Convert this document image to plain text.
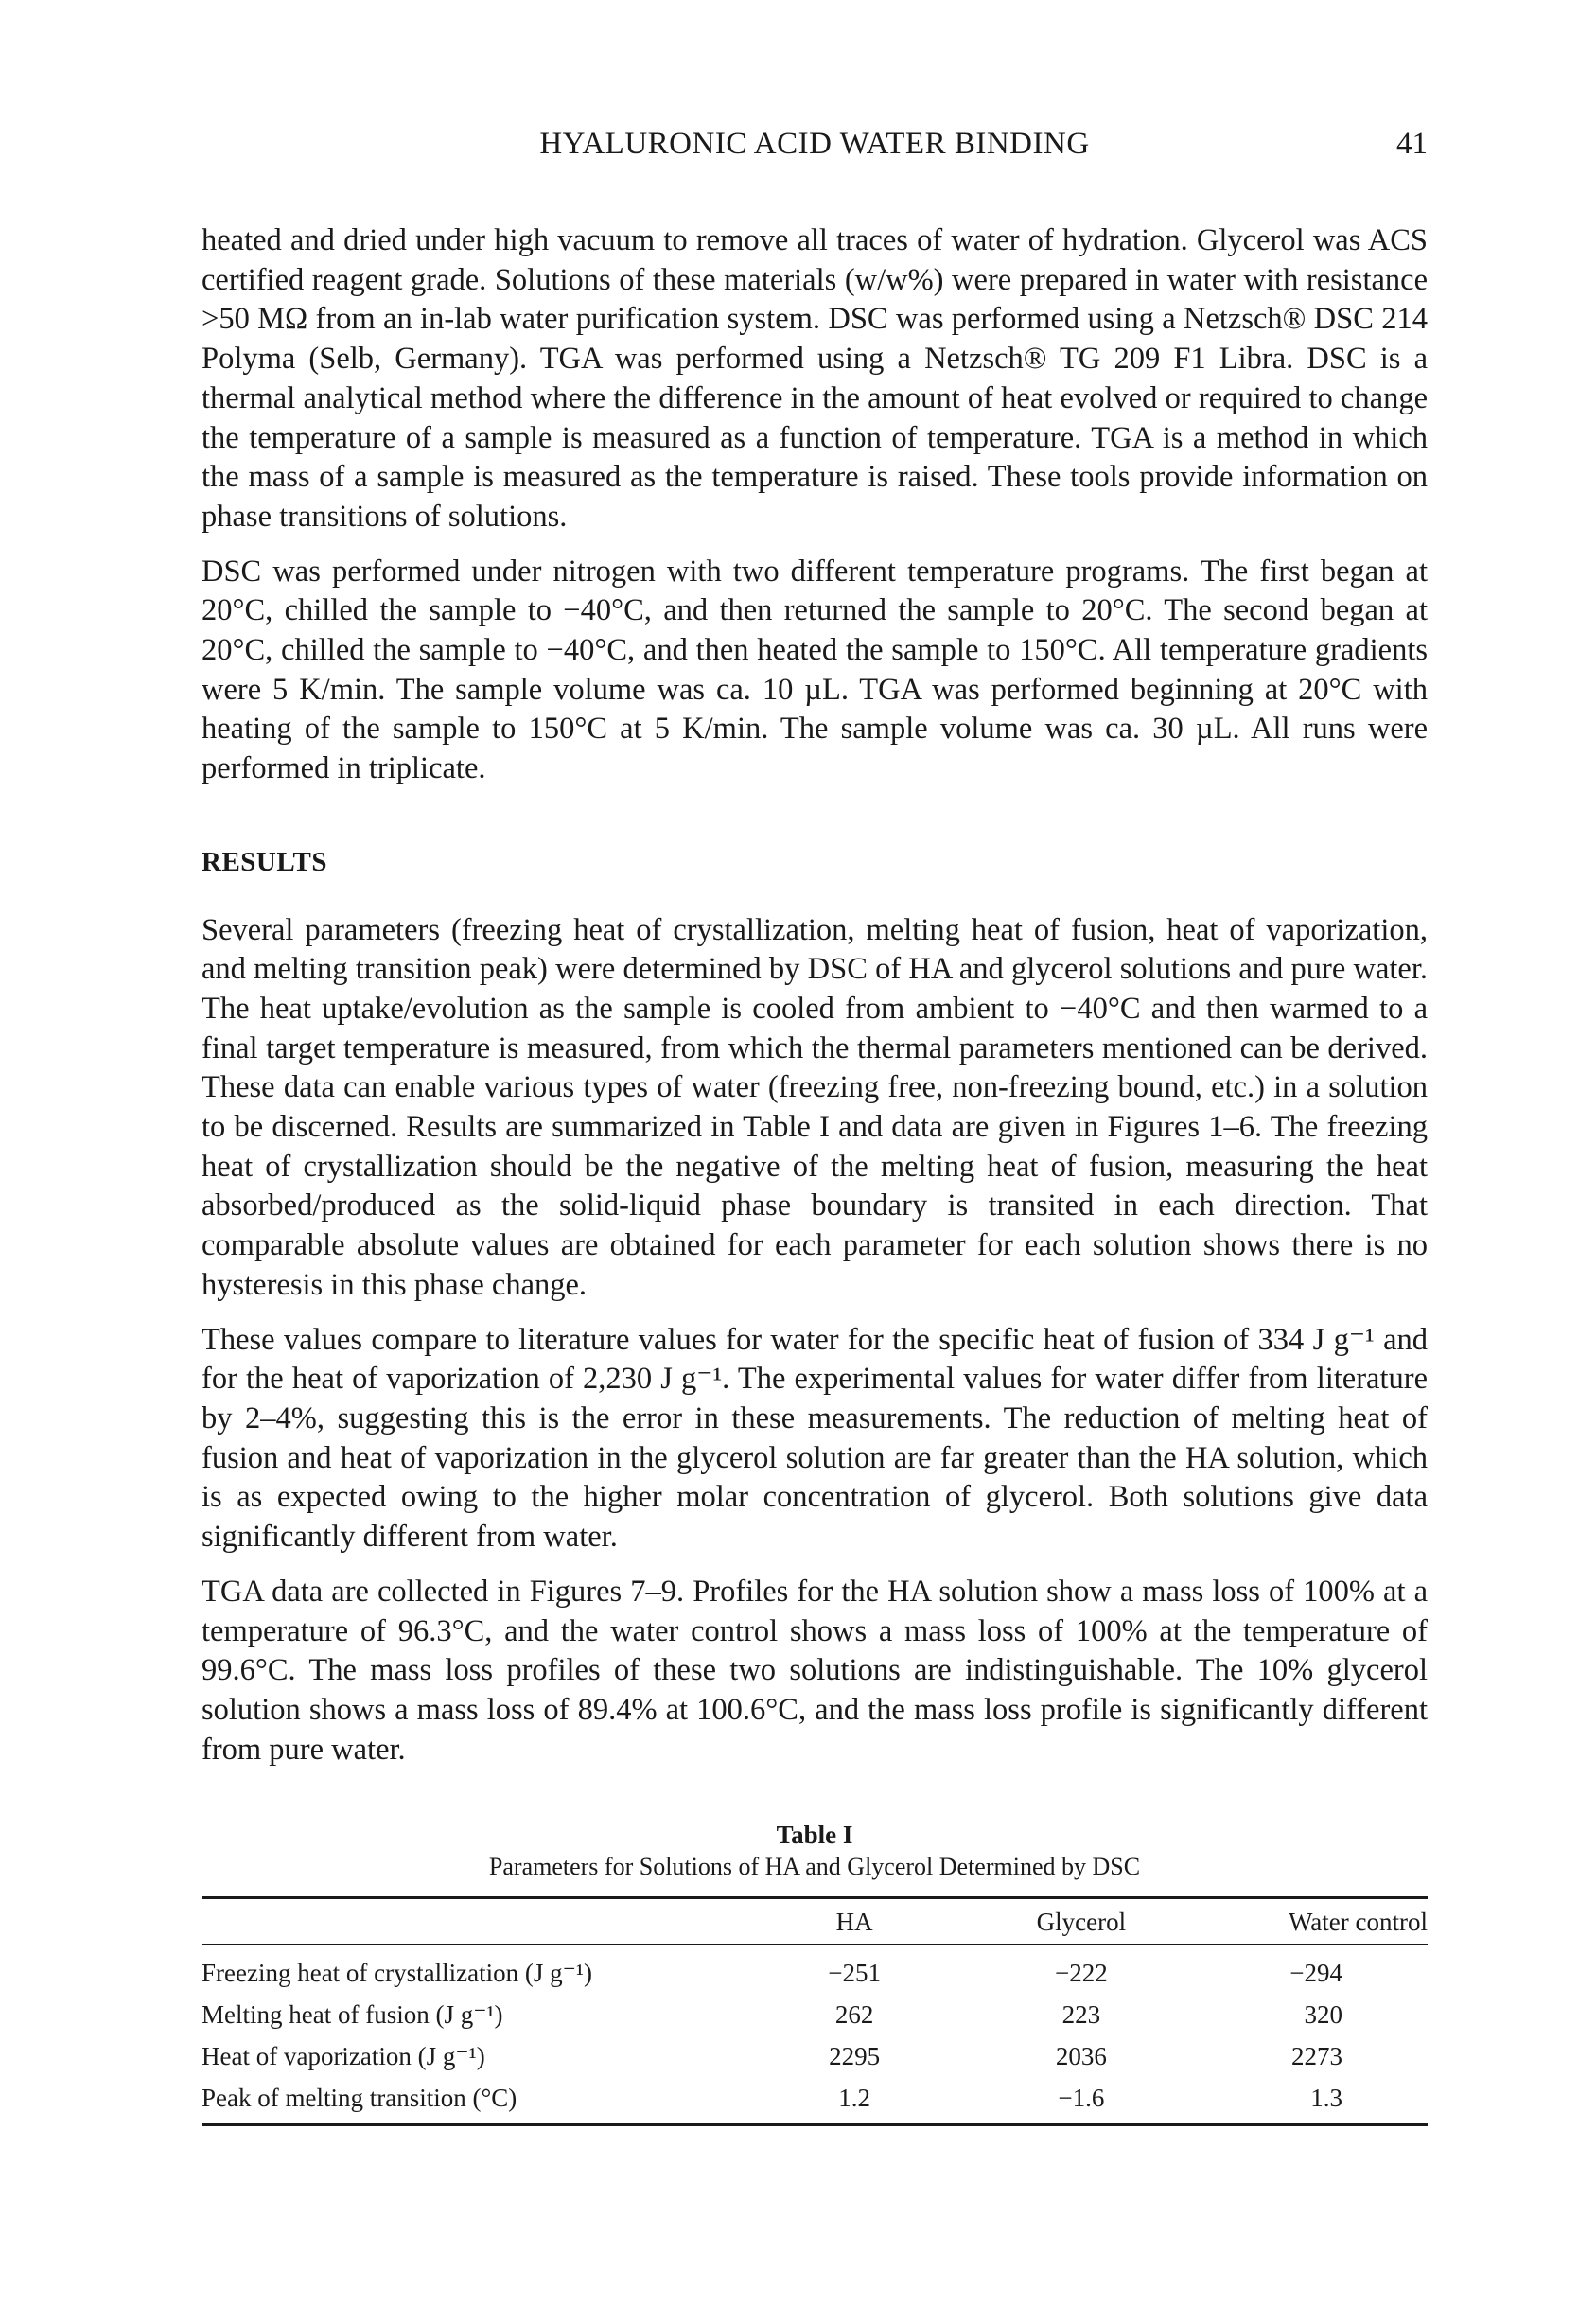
HYALURONIC ACID WATER BINDING	41

heated and dried under high vacuum to remove all traces of water of hydration. Glycerol was ACS certified reagent grade. Solutions of these materials (w/w%) were prepared in water with resistance >50 MΩ from an in-lab water purification system. DSC was performed using a Netzsch® DSC 214 Polyma (Selb, Germany). TGA was performed using a Netzsch® TG 209 F1 Libra. DSC is a thermal analytical method where the difference in the amount of heat evolved or required to change the temperature of a sample is measured as a function of temperature. TGA is a method in which the mass of a sample is measured as the temperature is raised. These tools provide information on phase transitions of solutions.

DSC was performed under nitrogen with two different temperature programs. The first began at 20°C, chilled the sample to −40°C, and then returned the sample to 20°C. The second began at 20°C, chilled the sample to −40°C, and then heated the sample to 150°C. All temperature gradients were 5 K/min. The sample volume was ca. 10 µL. TGA was performed beginning at 20°C with heating of the sample to 150°C at 5 K/min. The sample volume was ca. 30 µL. All runs were performed in triplicate.

RESULTS

Several parameters (freezing heat of crystallization, melting heat of fusion, heat of vaporization, and melting transition peak) were determined by DSC of HA and glycerol solutions and pure water. The heat uptake/evolution as the sample is cooled from ambient to −40°C and then warmed to a final target temperature is measured, from which the thermal parameters mentioned can be derived. These data can enable various types of water (freezing free, non-freezing bound, etc.) in a solution to be discerned. Results are summarized in Table I and data are given in Figures 1–6. The freezing heat of crystallization should be the negative of the melting heat of fusion, measuring the heat absorbed/produced as the solid-liquid phase boundary is transited in each direction. That comparable absolute values are obtained for each parameter for each solution shows there is no hysteresis in this phase change.

These values compare to literature values for water for the specific heat of fusion of 334 J g⁻¹ and for the heat of vaporization of 2,230 J g⁻¹. The experimental values for water differ from literature by 2–4%, suggesting this is the error in these measurements. The reduction of melting heat of fusion and heat of vaporization in the glycerol solution are far greater than the HA solution, which is as expected owing to the higher molar concentration of glycerol. Both solutions give data significantly different from water.

TGA data are collected in Figures 7–9. Profiles for the HA solution show a mass loss of 100% at a temperature of 96.3°C, and the water control shows a mass loss of 100% at the temperature of 99.6°C. The mass loss profiles of these two solutions are indistinguishable. The 10% glycerol solution shows a mass loss of 89.4% at 100.6°C, and the mass loss profile is significantly different from pure water.

Table I
Parameters for Solutions of HA and Glycerol Determined by DSC
	HA	Glycerol	Water control
Freezing heat of crystallization (J g⁻¹)	−251	−222	−294
Melting heat of fusion (J g⁻¹)	262	223	320
Heat of vaporization (J g⁻¹)	2295	2036	2273
Peak of melting transition (°C)	1.2	−1.6	1.3
